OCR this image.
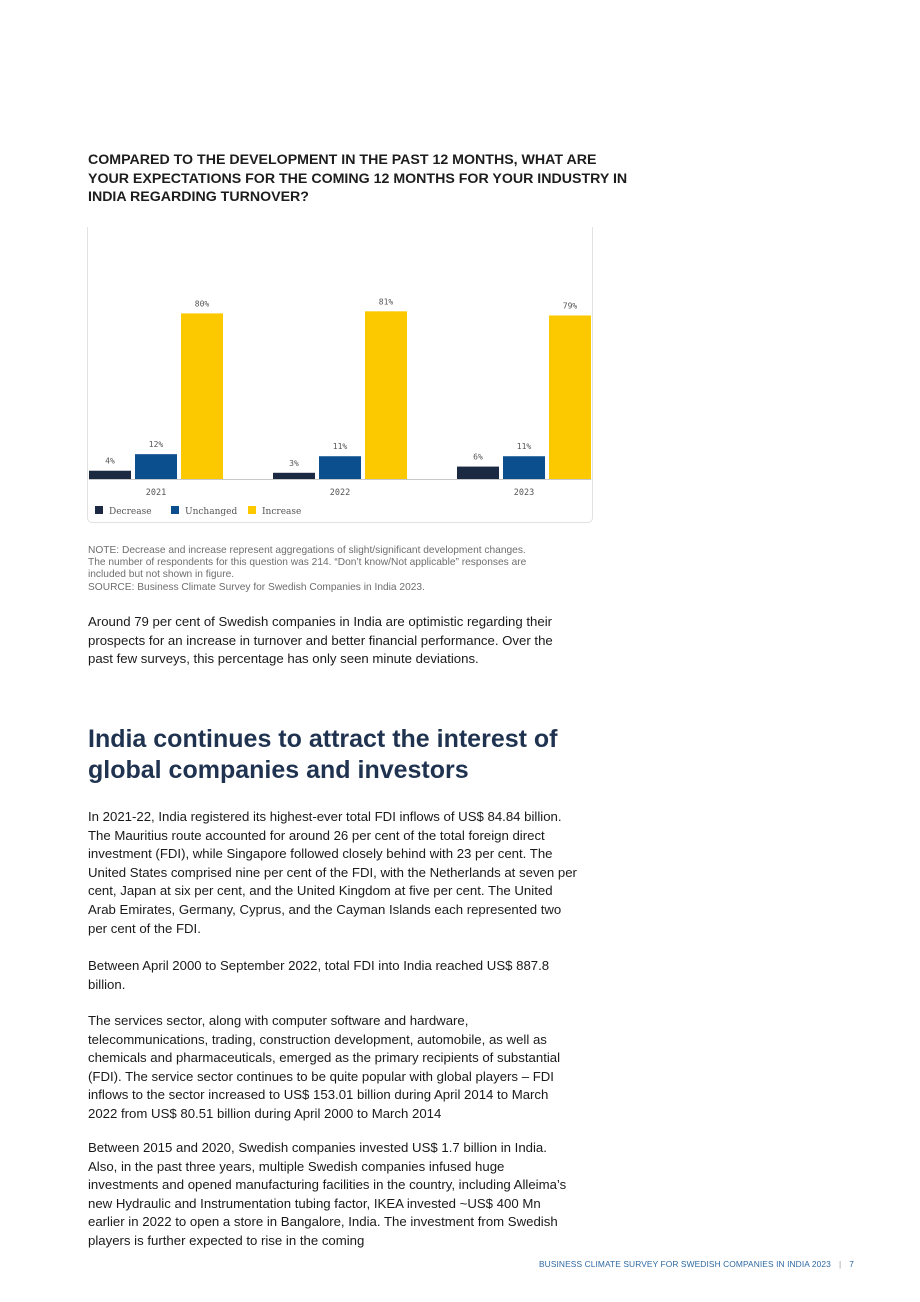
COMPARED TO THE DEVELOPMENT IN THE PAST 12 MONTHS, WHAT ARE YOUR EXPECTATIONS FOR THE COMING 12 MONTHS FOR YOUR INDUSTRY IN INDIA REGARDING TURNOVER?

4%
12%
80%
2021
3%
11%
81%
2022
6%
11%
79%
2023
Decrease	Unchanged	Increase
NOTE: Decrease and increase represent aggregations of slight/significant development changes.
The number of respondents for this question was 214. “Don’t know/Not applicable” responses are
included but not shown in figure.
SOURCE: Business Climate Survey for Swedish Companies in India 2023.

Around 79 per cent of Swedish companies in India are optimistic regarding their prospects for an increase in turnover and better financial performance. Over the past few surveys, this percentage has only seen minute deviations.

India continues to attract the interest of global companies and investors

In 2021-22, India registered its highest-ever total FDI inflows of US$ 84.84 billion. The Mauritius route accounted for around 26 per cent of the total foreign direct investment (FDI), while Singapore followed closely behind with 23 per cent. The United States comprised nine per cent of the FDI, with the Netherlands at seven per cent, Japan at six per cent, and the United Kingdom at five per cent. The United Arab Emirates, Germany, Cyprus, and the Cayman Islands each represented two per cent of the FDI.

Between April 2000 to September 2022, total FDI into India reached US$ 887.8 billion.

The services sector, along with computer software and hardware, telecommunications, trading, construction development, automobile, as well as chemicals and pharmaceuticals, emerged as the primary recipients of substantial (FDI). The service sector continues to be quite popular with global players – FDI inflows to the sector increased to US$ 153.01 billion during April 2014 to March 2022 from US$ 80.51 billion during April 2000 to March 2014

Between 2015 and 2020, Swedish companies invested US$ 1.7 billion in India. Also, in the past three years, multiple Swedish companies infused huge investments and opened manufacturing facilities in the country, including Alleima’s new Hydraulic and Instrumentation tubing factor, IKEA invested ~US$ 400 Mn earlier in 2022 to open a store in Bangalore, India. The investment from Swedish players is further expected to rise in the coming

BUSINESS CLIMATE SURVEY FOR SWEDISH COMPANIES IN INDIA 2023 | 7
